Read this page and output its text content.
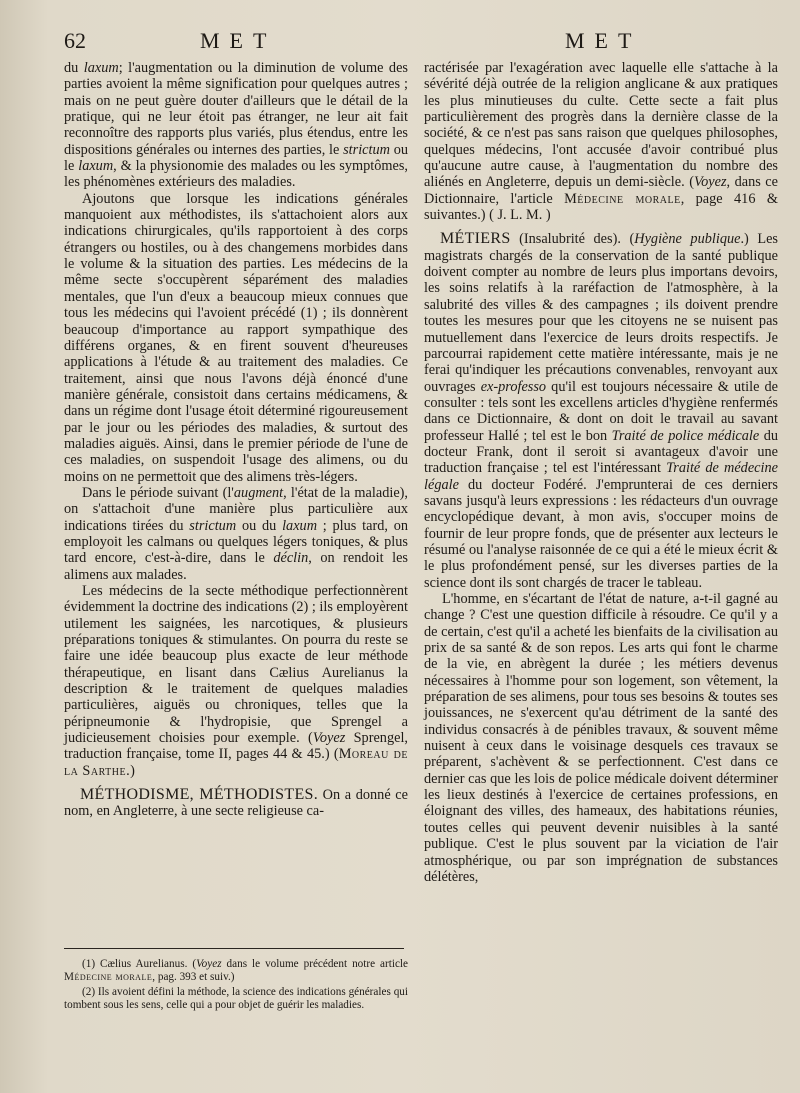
62	MET	MET

du laxum; l'augmentation ou la diminution de volume des parties avoient la même signification pour quelques autres ; mais on ne peut guère douter d'ailleurs que le détail de la pratique, qui ne leur étoit pas étranger, ne leur ait fait reconnoître des rapports plus variés, plus étendus, entre les dispositions générales ou internes des parties, le strictum ou le laxum, & la physionomie des malades ou les symptômes, les phénomènes extérieurs des maladies.

Ajoutons que lorsque les indications générales manquoient aux méthodistes, ils s'attachoient alors aux indications chirurgicales, qu'ils rapportoient à des corps étrangers ou hostiles, ou à des changemens morbides dans le volume & la situation des parties. Les médecins de la même secte s'occupèrent séparément des maladies mentales, que l'un d'eux a beaucoup mieux connues que tous les médecins qui l'avoient précédé (1) ; ils donnèrent beaucoup d'importance au rapport sympathique des différens organes, & en firent souvent d'heureuses applications à l'étude & au traitement des maladies. Ce traitement, ainsi que nous l'avons déjà énoncé d'une manière générale, consistoit dans certains médicamens, & dans un régime dont l'usage étoit déterminé rigoureusement par le jour ou les périodes des maladies, & surtout des maladies aiguës. Ainsi, dans le premier période de l'une de ces maladies, on suspendoit l'usage des alimens, ou du moins on ne permettoit que des alimens très-légers.

Dans le période suivant (l'augment, l'état de la maladie), on s'attachoit d'une manière plus particulière aux indications tirées du strictum ou du laxum ; plus tard, on employoit les calmans ou quelques légers toniques, & plus tard encore, c'est-à-dire, dans le déclin, on rendoit les alimens aux malades.

Les médecins de la secte méthodique perfectionnèrent évidemment la doctrine des indications (2) ; ils employèrent utilement les saignées, les narcotiques, & plusieurs préparations toniques & stimulantes. On pourra du reste se faire une idée beaucoup plus exacte de leur méthode thérapeutique, en lisant dans Cælius Aurelianus la description & le traitement de quelques maladies particulières, aiguës ou chroniques, telles que la péripneumonie & l'hydropisie, que Sprengel a judicieusement choisies pour exemple. (Voyez Sprengel, traduction française, tome II, pages 44 & 45.) (Moreau de la Sarthe.)

MÉTHODISME, MÉTHODISTES. On a donné ce nom, en Angleterre, à une secte religieuse ca-

(1) Cælius Aurelianus. (Voyez dans le volume précédent notre article Médecine morale, pag. 393 et suiv.)

(2) Ils avoient défini la méthode, la science des indications générales qui tombent sous les sens, celle qui a pour objet de guérir les maladies.

ractérisée par l'exagération avec laquelle elle s'attache à la sévérité déjà outrée de la religion anglicane & aux pratiques les plus minutieuses du culte. Cette secte a fait plus particulièrement des progrès dans la dernière classe de la société, & ce n'est pas sans raison que quelques philosophes, quelques médecins, l'ont accusée d'avoir contribué plus qu'aucune autre cause, à l'augmentation du nombre des aliénés en Angleterre, depuis un demi-siècle. (Voyez, dans ce Dictionnaire, l'article Médecine morale, page 416 & suivantes.) ( J. L. M. )

MÉTIERS (Insalubrité des). (Hygiène publique.) Les magistrats chargés de la conservation de la santé publique doivent compter au nombre de leurs plus importans devoirs, les soins relatifs à la raréfaction de l'atmosphère, à la salubrité des villes & des campagnes ; ils doivent prendre toutes les mesures pour que les citoyens ne se nuisent pas mutuellement dans l'exercice de leurs droits respectifs. Je parcourrai rapidement cette matière intéressante, mais je ne ferai qu'indiquer les précautions convenables, renvoyant aux ouvrages ex-professo qu'il est toujours nécessaire & utile de consulter : tels sont les excellens articles d'hygiène renfermés dans ce Dictionnaire, & dont on doit le travail au savant professeur Hallé ; tel est le bon Traité de police médicale du docteur Frank, dont il seroit si avantageux d'avoir une traduction française ; tel est l'intéressant Traité de médecine légale du docteur Fodéré. J'emprunterai de ces derniers savans jusqu'à leurs expressions : les rédacteurs d'un ouvrage encyclopédique devant, à mon avis, s'occuper moins de fournir de leur propre fonds, que de présenter aux lecteurs le résumé ou l'analyse raisonnée de ce qui a été le mieux écrit & le plus profondément pensé, sur les diverses parties de la science dont ils sont chargés de tracer le tableau.

L'homme, en s'écartant de l'état de nature, a-t-il gagné au change ? C'est une question difficile à résoudre. Ce qu'il y a de certain, c'est qu'il a acheté les bienfaits de la civilisation au prix de sa santé & de son repos. Les arts qui font le charme de la vie, en abrègent la durée ; les métiers devenus nécessaires à l'homme pour son logement, son vêtement, la préparation de ses alimens, pour tous ses besoins & toutes ses jouissances, ne s'exercent qu'au détriment de la santé des individus consacrés à de pénibles travaux, & souvent même nuisent à ceux dans le voisinage desquels ces travaux se préparent, s'achèvent & se perfectionnent. C'est dans ce dernier cas que les lois de police médicale doivent déterminer les lieux destinés à l'exercice de certaines professions, en éloignant des villes, des hameaux, des habitations réunies, toutes celles qui peuvent devenir nuisibles à la santé publique. C'est le plus souvent par la viciation de l'air atmosphérique, ou par son imprégnation de substances délétères,
